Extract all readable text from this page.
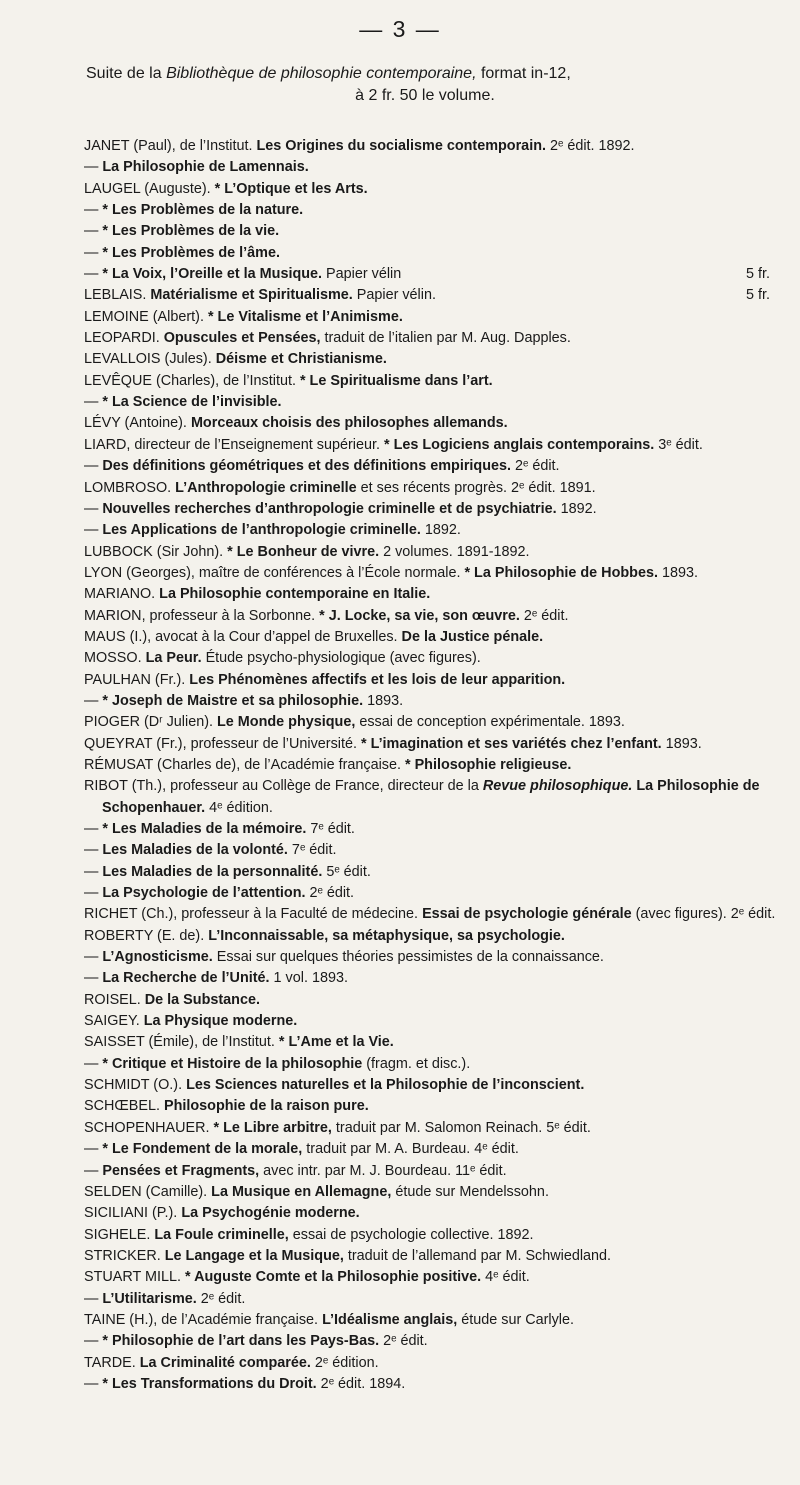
— 3 —
Suite de la Bibliothèque de philosophie contemporaine, format in-12,
à 2 fr. 50 le volume.
JANET (Paul), de l’Institut. Les Origines du socialisme contemporain. 2ᵉ édit. 1892.
— La Philosophie de Lamennais.
LAUGEL (Auguste). * L’Optique et les Arts.
— * Les Problèmes de la nature.
— * Les Problèmes de la vie.
— * Les Problèmes de l’âme.
— * La Voix, l’Oreille et la Musique. Papier vélin	5 fr.
LEBLAIS. Matérialisme et Spiritualisme. Papier vélin.	5 fr.
LEMOINE (Albert). * Le Vitalisme et l’Animisme.
LEOPARDI. Opuscules et Pensées, traduit de l’italien par M. Aug. Dapples.
LEVALLOIS (Jules). Déisme et Christianisme.
LEVÊQUE (Charles), de l’Institut. * Le Spiritualisme dans l’art.
— * La Science de l’invisible.
LÉVY (Antoine). Morceaux choisis des philosophes allemands.
LIARD, directeur de l’Enseignement supérieur. * Les Logiciens anglais contemporains. 3ᵉ édit.
— Des définitions géométriques et des définitions empiriques. 2ᵉ édit.
LOMBROSO. L’Anthropologie criminelle et ses récents progrès. 2ᵉ édit. 1891.
— Nouvelles recherches d’anthropologie criminelle et de psychiatrie. 1892.
— Les Applications de l’anthropologie criminelle. 1892.
LUBBOCK (Sir John). * Le Bonheur de vivre. 2 volumes. 1891-1892.
LYON (Georges), maître de conférences à l’École normale. * La Philosophie de Hobbes. 1893.
MARIANO. La Philosophie contemporaine en Italie.
MARION, professeur à la Sorbonne. * J. Locke, sa vie, son œuvre. 2ᵉ édit.
MAUS (I.), avocat à la Cour d’appel de Bruxelles. De la Justice pénale.
MOSSO. La Peur. Étude psycho-physiologique (avec figures).
PAULHAN (Fr.). Les Phénomènes affectifs et les lois de leur apparition.
— * Joseph de Maistre et sa philosophie. 1893.
PIOGER (Dʳ Julien). Le Monde physique, essai de conception expérimentale. 1893.
QUEYRAT (Fr.), professeur de l’Université. * L’imagination et ses variétés chez l’enfant. 1893.
RÉMUSAT (Charles de), de l’Académie française. * Philosophie religieuse.
RIBOT (Th.), professeur au Collège de France, directeur de la Revue philosophique. La Philosophie de Schopenhauer. 4ᵉ édition.
— * Les Maladies de la mémoire. 7ᵉ édit.
— Les Maladies de la volonté. 7ᵉ édit.
— Les Maladies de la personnalité. 5ᵉ édit.
— La Psychologie de l’attention. 2ᵉ édit.
RICHET (Ch.), professeur à la Faculté de médecine. Essai de psychologie générale (avec figures). 2ᵉ édit.
ROBERTY (E. de). L’Inconnaissable, sa métaphysique, sa psychologie.
— L’Agnosticisme. Essai sur quelques théories pessimistes de la connaissance.
— La Recherche de l’Unité. 1 vol. 1893.
ROISEL. De la Substance.
SAIGEY. La Physique moderne.
SAISSET (Émile), de l’Institut. * L’Ame et la Vie.
— * Critique et Histoire de la philosophie (fragm. et disc.).
SCHMIDT (O.). Les Sciences naturelles et la Philosophie de l’inconscient.
SCHŒBEL. Philosophie de la raison pure.
SCHOPENHAUER. * Le Libre arbitre, traduit par M. Salomon Reinach. 5ᵉ édit.
— * Le Fondement de la morale, traduit par M. A. Burdeau. 4ᵉ édit.
— Pensées et Fragments, avec intr. par M. J. Bourdeau. 11ᵉ édit.
SELDEN (Camille). La Musique en Allemagne, étude sur Mendelssohn.
SICILIANI (P.). La Psychogénie moderne.
SIGHELE. La Foule criminelle, essai de psychologie collective. 1892.
STRICKER. Le Langage et la Musique, traduit de l’allemand par M. Schwiedland.
STUART MILL. * Auguste Comte et la Philosophie positive. 4ᵉ édit.
— L’Utilitarisme. 2ᵉ édit.
TAINE (H.), de l’Académie française. L’Idéalisme anglais, étude sur Carlyle.
— * Philosophie de l’art dans les Pays-Bas. 2ᵉ édit.
TARDE. La Criminalité comparée. 2ᵉ édition.
— * Les Transformations du Droit. 2ᵉ édit. 1894.
